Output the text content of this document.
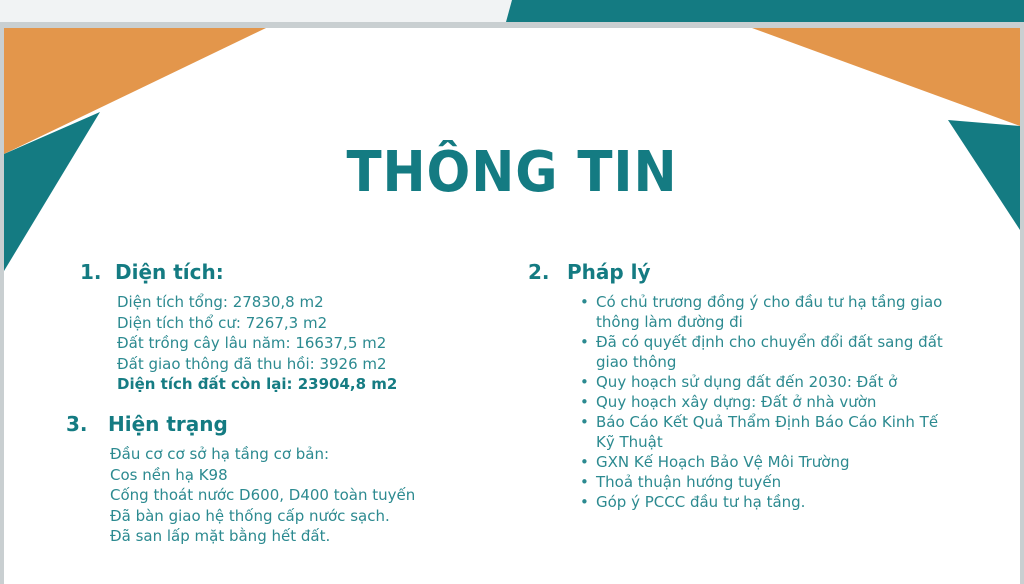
THÔNG TIN
1. Diện tích:
Diện tích tổng: 27830,8 m2
Diện tích thổ cư: 7267,3 m2
Đất trồng cây lâu năm: 16637,5 m2
Đất giao thông đã thu hồi: 3926 m2
Diện tích đất còn lại: 23904,8 m2
3. Hiện trạng
Đầu cơ cơ sở hạ tầng cơ bản:
Cos nền hạ K98
Cống thoát nước D600, D400 toàn tuyến
Đã bàn giao hệ thống cấp nước sạch.
Đã san lấp mặt bằng hết đất.
2. Pháp lý
• Có chủ trương đồng ý cho đầu tư hạ tầng giao thông làm đường đi
• Đã có quyết định cho chuyển đổi đất sang đất giao thông
• Quy hoạch sử dụng đất đến 2030: Đất ở
• Quy hoạch xây dựng: Đất ở nhà vườn
• Báo Cáo Kết Quả Thẩm Định Báo Cáo Kinh Tế Kỹ Thuật
• GXN Kế Hoạch Bảo Vệ Môi Trường
• Thoả thuận hướng tuyến
• Góp ý PCCC đầu tư hạ tầng.
